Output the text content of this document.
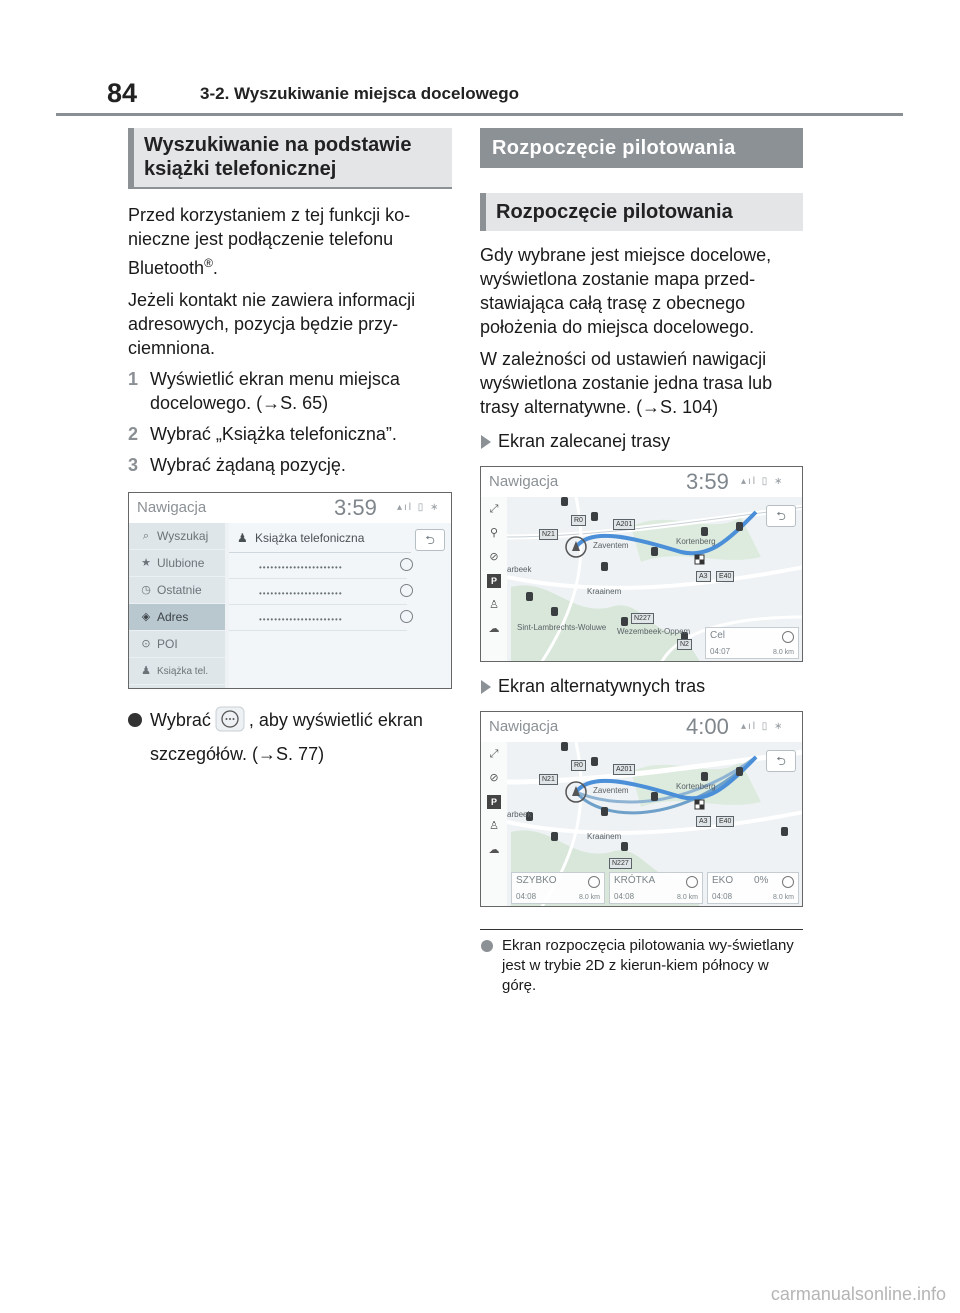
84	3-2. Wyszukiwanie miejsca docelowego
Wyszukiwanie na podstawie książki telefonicznej

Przed korzystaniem z tej funkcji ko-nieczne jest podłączenie telefonu Bluetooth®.

Jeżeli kontakt nie zawiera informacji adresowych, pozycja będzie przy-ciemniona.

1 Wyświetlić ekran menu miejsca docelowego. (→S. 65)
2 Wybrać „Książka telefoniczna”.
3 Wybrać żądaną pozycję.
Nawigacja	3:59 ▴ıl ▯ ∗
⌕ Wyszukaj
★ Ulubione
◷ Ostatnie
◈ Adres
⊙ POI
♟ Książka tel.
♟ Książka telefoniczna
••••••••••••••••••••••
••••••••••••••••••••••
••••••••••••••••••••••
⮌
Wybrać , aby wyświetlić ekran szczegółów. (→S. 77)
Rozpoczęcie pilotowania
Rozpoczęcie pilotowania

Gdy wybrane jest miejsce docelowe, wyświetlona zostanie mapa przed-stawiająca całą trasę z obecnego położenia do miejsca docelowego.

W zależności od ustawień nawigacji wyświetlona zostanie jedna trasa lub trasy alternatywne. (→S. 104)

Ekran zalecanej trasy
Nawigacja	3:59 ▴ıl ▯ ∗
⤢
⚲
⊘
P
♙
☁
⮌
Kortenberg
Zaventem
Kraainem
Sint-Lambrechts-Woluwe Wezembeek-Oppem
arbeek
R0
A201
N21
N227
N2
A3	E40
Cel
04:07	8.0 km
Ekran alternatywnych tras
Nawigacja	4:00 ▴ıl ▯ ∗
⤢
⊘
P
♙
☁
⮌
Kortenberg
Zaventem
Kraainem
arbeek
R0
A201
N21
N227
A3	E40
SZYBKO
04:08	8.0 km
KRÓTKA
04:08	8.0 km
EKO 0%
04:08	8.0 km
Ekran rozpoczęcia pilotowania wy-świetlany jest w trybie 2D z kierun-kiem północy w górę.
carmanualsonline.info
